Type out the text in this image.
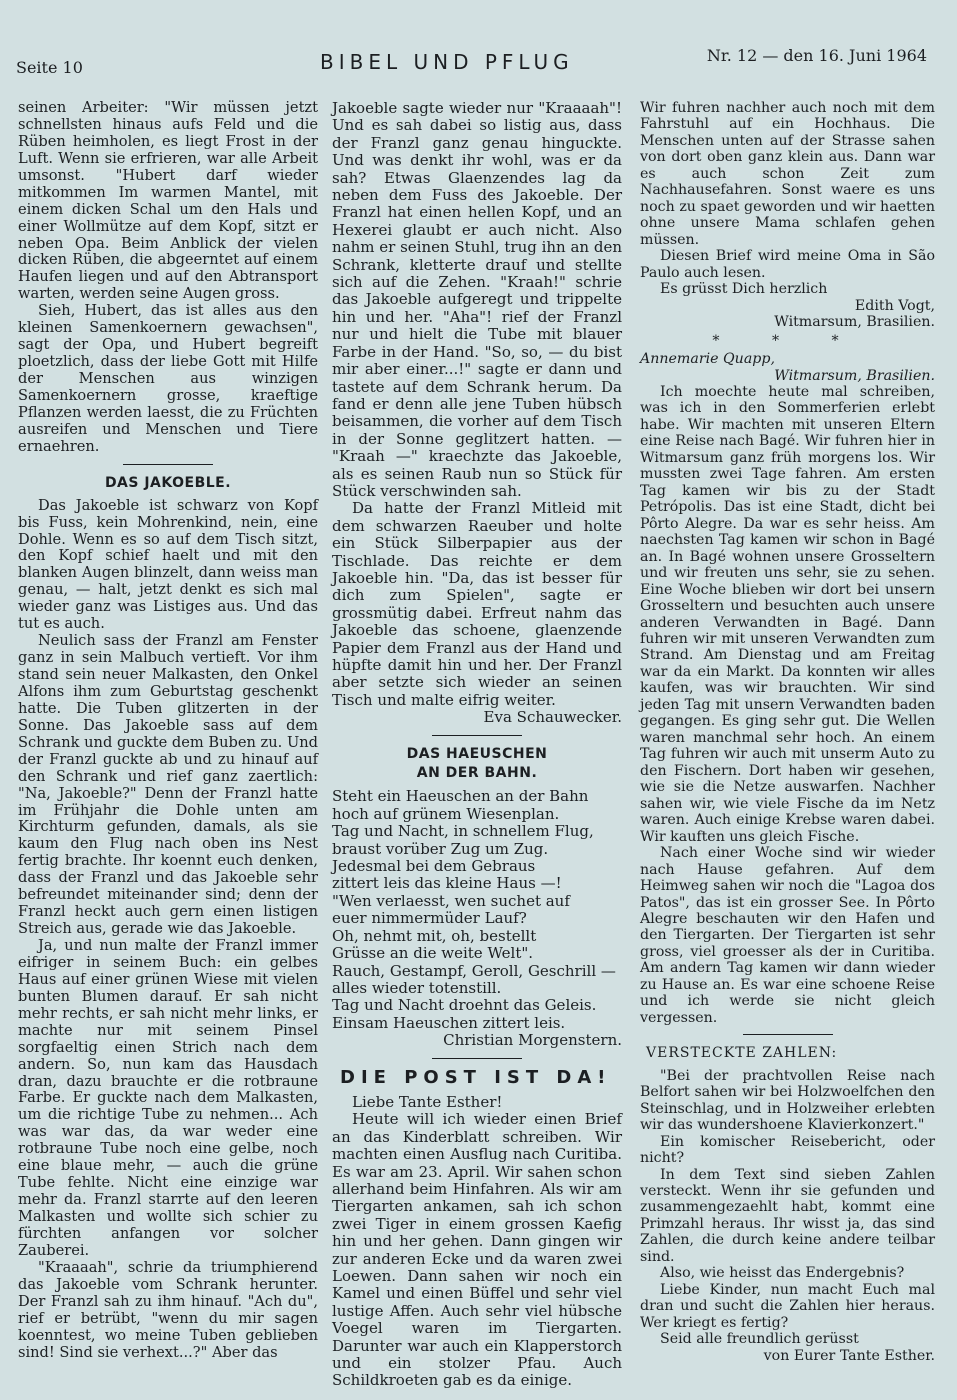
Seite 10	BIBEL UND PFLUG	Nr. 12 — den 16. Juni 1964

seinen Arbeiter: "Wir müssen jetzt schnellsten hinaus aufs Feld und die Rüben heimholen, es liegt Frost in der Luft. Wenn sie erfrieren, war alle Arbeit umsonst. "Hubert darf wieder mitkommen Im warmen Mantel, mit einem dicken Schal um den Hals und einer Wollmütze auf dem Kopf, sitzt er neben Opa. Beim Anblick der vielen dicken Rüben, die abgeerntet auf einem Haufen liegen und auf den Abtransport warten, werden seine Augen gross.

Sieh, Hubert, das ist alles aus den kleinen Samenkoernern gewachsen", sagt der Opa, und Hubert begreift ploetzlich, dass der liebe Gott mit Hilfe der Menschen aus winzigen Samenkoernern grosse, kraeftige Pflanzen werden laesst, die zu Früchten ausreifen und Menschen und Tiere ernaehren.

DAS JAKOEBLE.

Das Jakoeble ist schwarz von Kopf bis Fuss, kein Mohrenkind, nein, eine Dohle. Wenn es so auf dem Tisch sitzt, den Kopf schief haelt und mit den blanken Augen blinzelt, dann weiss man genau, — halt, jetzt denkt es sich mal wieder ganz was Listiges aus. Und das tut es auch.

Neulich sass der Franzl am Fenster ganz in sein Malbuch vertieft. Vor ihm stand sein neuer Malkasten, den Onkel Alfons ihm zum Geburtstag geschenkt hatte. Die Tuben glitzerten in der Sonne. Das Jakoeble sass auf dem Schrank und guckte dem Buben zu. Und der Franzl guckte ab und zu hinauf auf den Schrank und rief ganz zaertlich: "Na, Jakoeble?" Denn der Franzl hatte im Frühjahr die Dohle unten am Kirchturm gefunden, damals, als sie kaum den Flug nach oben ins Nest fertig brachte. Ihr koennt euch denken, dass der Franzl und das Jakoeble sehr befreundet miteinander sind; denn der Franzl heckt auch gern einen listigen Streich aus, gerade wie das Jakoeble.

Ja, und nun malte der Franzl immer eifriger in seinem Buch: ein gelbes Haus auf einer grünen Wiese mit vielen bunten Blumen darauf. Er sah nicht mehr rechts, er sah nicht mehr links, er machte nur mit seinem Pinsel sorgfaeltig einen Strich nach dem andern. So, nun kam das Hausdach dran, dazu brauchte er die rotbraune Farbe. Er guckte nach dem Malkasten, um die richtige Tube zu nehmen... Ach was war das, da war weder eine rotbraune Tube noch eine gelbe, noch eine blaue mehr, — auch die grüne Tube fehlte. Nicht eine einzige war mehr da. Franzl starrte auf den leeren Malkasten und wollte sich schier zu fürchten anfangen vor solcher Zauberei.

"Kraaaah", schrie da triumphierend das Jakoeble vom Schrank herunter. Der Franzl sah zu ihm hinauf. "Ach du", rief er betrübt, "wenn du mir sagen koenntest, wo meine Tuben geblieben sind! Sind sie verhext...?" Aber das

Jakoeble sagte wieder nur "Kraaaah"! Und es sah dabei so listig aus, dass der Franzl ganz genau hinguckte. Und was denkt ihr wohl, was er da sah? Etwas Glaenzendes lag da neben dem Fuss des Jakoeble. Der Franzl hat einen hellen Kopf, und an Hexerei glaubt er auch nicht. Also nahm er seinen Stuhl, trug ihn an den Schrank, kletterte drauf und stellte sich auf die Zehen. "Kraah!" schrie das Jakoeble aufgeregt und trippelte hin und her. "Aha"! rief der Franzl nur und hielt die Tube mit blauer Farbe in der Hand. "So, so, — du bist mir aber einer...!" sagte er dann und tastete auf dem Schrank herum. Da fand er denn alle jene Tuben hübsch beisammen, die vorher auf dem Tisch in der Sonne geglitzert hatten. — "Kraah —" kraechzte das Jakoeble, als es seinen Raub nun so Stück für Stück verschwinden sah.

Da hatte der Franzl Mitleid mit dem schwarzen Raeuber und holte ein Stück Silberpapier aus der Tischlade. Das reichte er dem Jakoeble hin. "Da, das ist besser für dich zum Spielen", sagte er grossmütig dabei. Erfreut nahm das Jakoeble das schoene, glaenzende Papier dem Franzl aus der Hand und hüpfte damit hin und her. Der Franzl aber setzte sich wieder an seinen Tisch und malte eifrig weiter.

Eva Schauwecker.

DAS HAEUSCHEN
AN DER BAHN.
Steht ein Haeuschen an der Bahn
hoch auf grünem Wiesenplan.
Tag und Nacht, in schnellem Flug,
braust vorüber Zug um Zug.
Jedesmal bei dem Gebraus
zittert leis das kleine Haus —!
"Wen verlaesst, wen suchet auf
euer nimmermüder Lauf?
Oh, nehmt mit, oh, bestellt
Grüsse an die weite Welt".
Rauch, Gestampf, Geroll, Geschrill —
alles wieder totenstill.
Tag und Nacht droehnt das Geleis.
Einsam Haeuschen zittert leis.

Christian Morgenstern.

DIE POST IST DA!

Liebe Tante Esther!

Heute will ich wieder einen Brief an das Kinderblatt schreiben. Wir machten einen Ausflug nach Curitiba. Es war am 23. April. Wir sahen schon allerhand beim Hinfahren. Als wir am Tiergarten ankamen, sah ich schon zwei Tiger in einem grossen Kaefig hin und her gehen. Dann gingen wir zur anderen Ecke und da waren zwei Loewen. Dann sahen wir noch ein Kamel und einen Büffel und sehr viel lustige Affen. Auch sehr viel hübsche Voegel waren im Tiergarten. Darunter war auch ein Klapperstorch und ein stolzer Pfau. Auch Schildkroeten gab es da einige.

Wir fuhren nachher auch noch mit dem Fahrstuhl auf ein Hochhaus. Die Menschen unten auf der Strasse sahen von dort oben ganz klein aus. Dann war es auch schon Zeit zum Nachhausefahren. Sonst waere es uns noch zu spaet geworden und wir haetten ohne unsere Mama schlafen gehen müssen.

Diesen Brief wird meine Oma in São Paulo auch lesen.

Es grüsst Dich herzlich

Edith Vogt,

Witmarsum, Brasilien.

* * *

Annemarie Quapp,

Witmarsum, Brasilien.

Ich moechte heute mal schreiben, was ich in den Sommerferien erlebt habe. Wir machten mit unseren Eltern eine Reise nach Bagé. Wir fuhren hier in Witmarsum ganz früh morgens los. Wir mussten zwei Tage fahren. Am ersten Tag kamen wir bis zu der Stadt Petrópolis. Das ist eine Stadt, dicht bei Pôrto Alegre. Da war es sehr heiss. Am naechsten Tag kamen wir schon in Bagé an. In Bagé wohnen unsere Grosseltern und wir freuten uns sehr, sie zu sehen. Eine Woche blieben wir dort bei unsern Grosseltern und besuchten auch unsere anderen Verwandten in Bagé. Dann fuhren wir mit unseren Verwandten zum Strand. Am Dienstag und am Freitag war da ein Markt. Da konnten wir alles kaufen, was wir brauchten. Wir sind jeden Tag mit unsern Verwandten baden gegangen. Es ging sehr gut. Die Wellen waren manchmal sehr hoch. An einem Tag fuhren wir auch mit unserm Auto zu den Fischern. Dort haben wir gesehen, wie sie die Netze auswarfen. Nachher sahen wir, wie viele Fische da im Netz waren. Auch einige Krebse waren dabei. Wir kauften uns gleich Fische.

Nach einer Woche sind wir wieder nach Hause gefahren. Auf dem Heimweg sahen wir noch die "Lagoa dos Patos", das ist ein grosser See. In Pôrto Alegre beschauten wir den Hafen und den Tiergarten. Der Tiergarten ist sehr gross, viel groesser als der in Curitiba. Am andern Tag kamen wir dann wieder zu Hause an. Es war eine schoene Reise und ich werde sie nicht gleich vergessen.

VERSTECKTE ZAHLEN:

"Bei der prachtvollen Reise nach Belfort sahen wir bei Holzwoelfchen den Steinschlag, und in Holzweiher erlebten wir das wundershoene Klavierkonzert."

Ein komischer Reisebericht, oder nicht?

In dem Text sind sieben Zahlen versteckt. Wenn ihr sie gefunden und zusammengezaehlt habt, kommt eine Primzahl heraus. Ihr wisst ja, das sind Zahlen, die durch keine andere teilbar sind.

Also, wie heisst das Endergebnis?

Liebe Kinder, nun macht Euch mal dran und sucht die Zahlen hier heraus. Wer kriegt es fertig?

Seid alle freundlich gerüsst

von Eurer Tante Esther.
